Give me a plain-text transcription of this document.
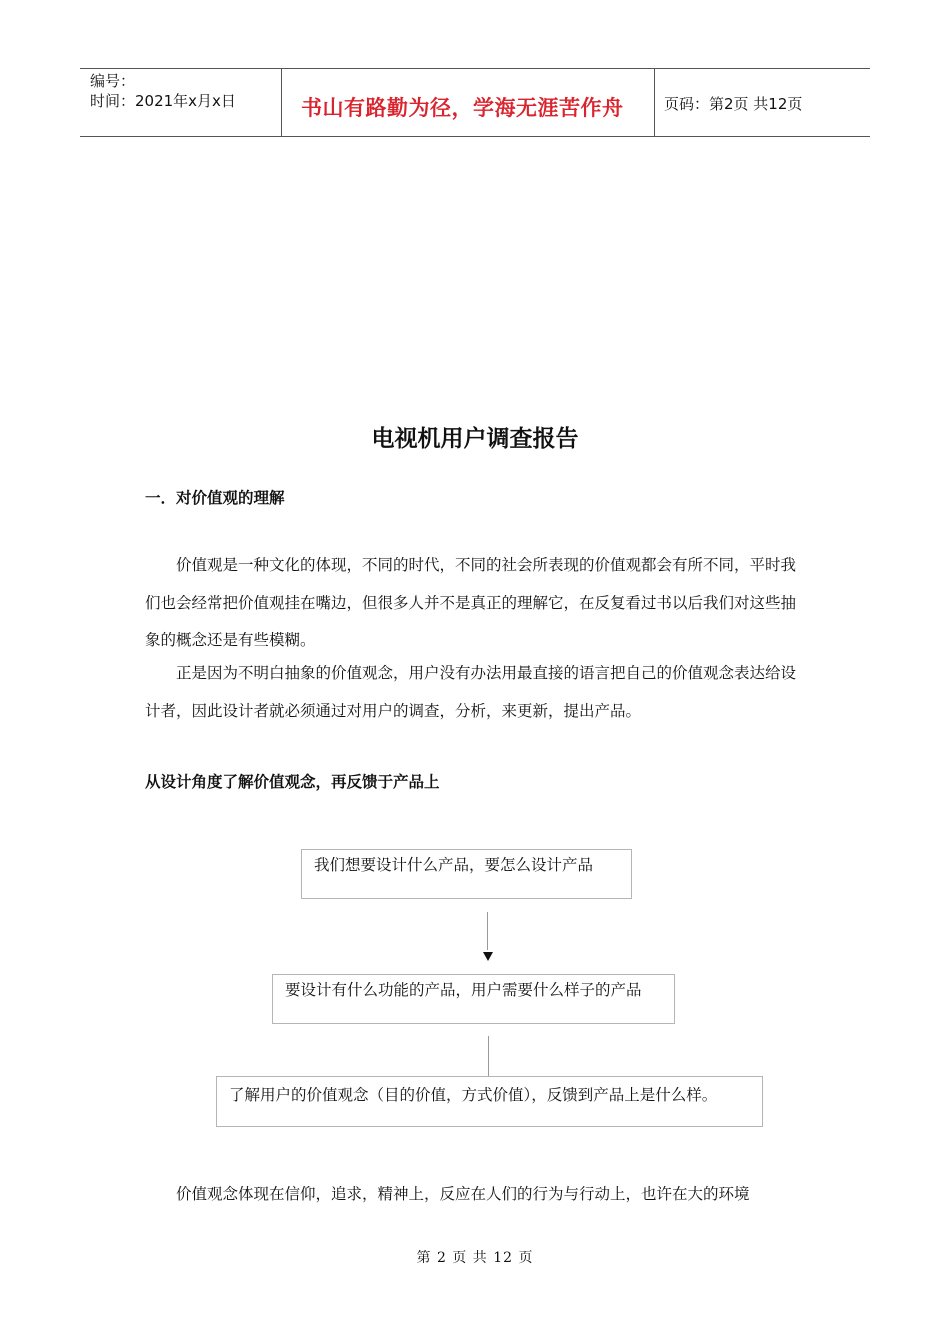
编号：
时间：2021年x月x日	书山有路勤为径，学海无涯苦作舟	页码：第2页 共12页
电视机用户调查报告
一．对价值观的理解

价值观是一种文化的体现，不同的时代，不同的社会所表现的价值观都会有所不同，平时我们也会经常把价值观挂在嘴边，但很多人并不是真正的理解它，在反复看过书以后我们对这些抽象的概念还是有些模糊。

正是因为不明白抽象的价值观念，用户没有办法用最直接的语言把自己的价值观念表达给设计者，因此设计者就必须通过对用户的调查，分析，来更新，提出产品。

从设计角度了解价值观念，再反馈于产品上
我们想要设计什么产品，要怎么设计产品
要设计有什么功能的产品，用户需要什么样子的产品
了解用户的价值观念（目的价值，方式价值），反馈到产品上是什么样。

价值观念体现在信仰，追求，精神上，反应在人们的行为与行动上，也许在大的环境

第 2 页 共 12 页
